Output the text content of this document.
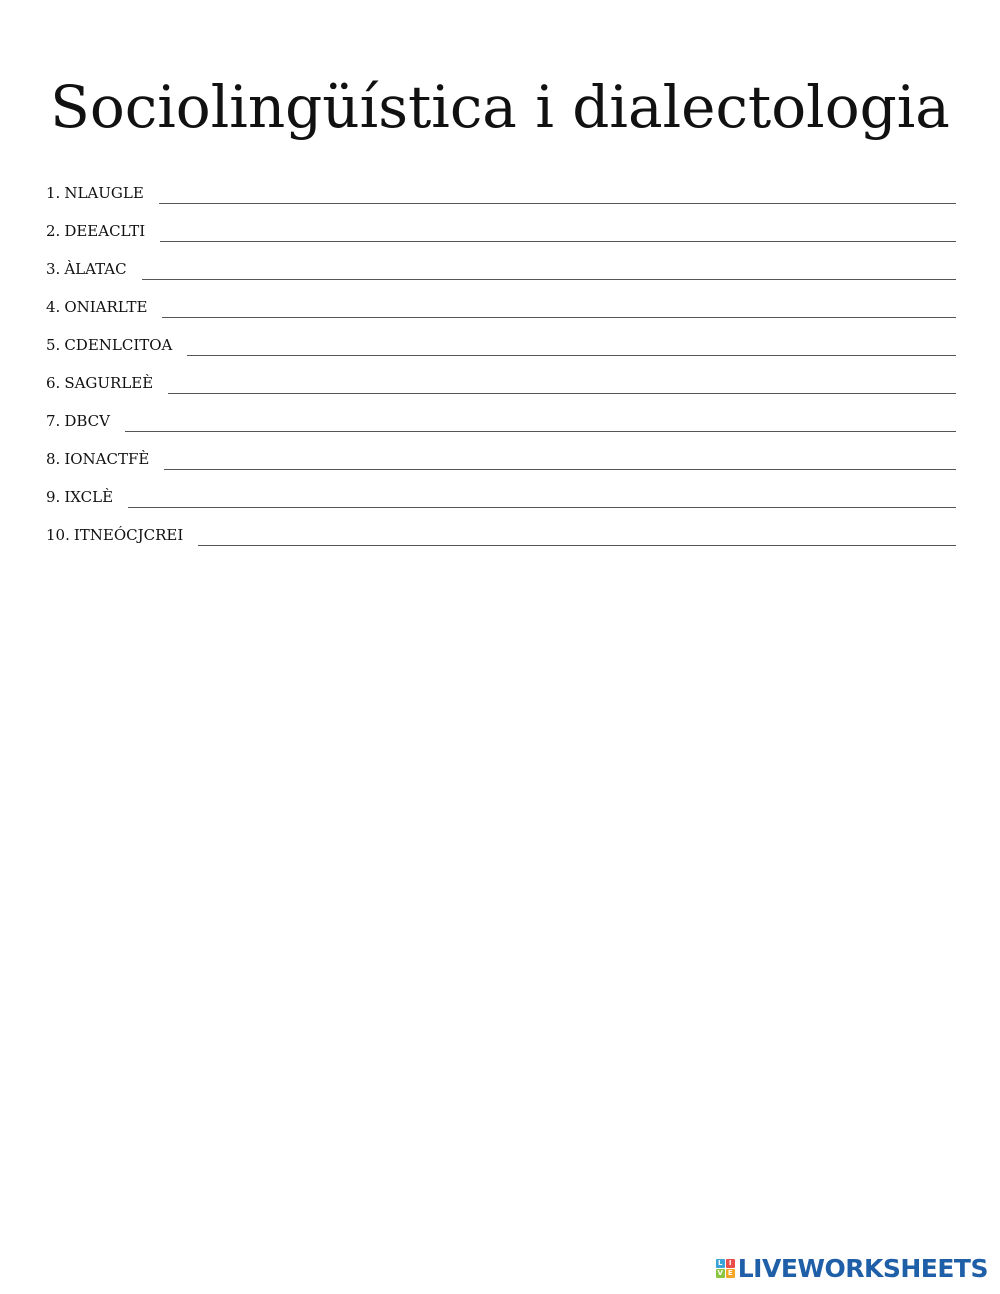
Sociolingüística i dialectologia
1. NLAUGLE
2. DEEACLTI
3. ÀLATAC
4. ONIARLTE
5. CDENLCITOA
6. SAGURLEÈ
7. DBCV
8. IONACTFÈ
9. IXCLÈ
10. ITNEÓCJCREI
L I
V E LIVEWORKSHEETS
